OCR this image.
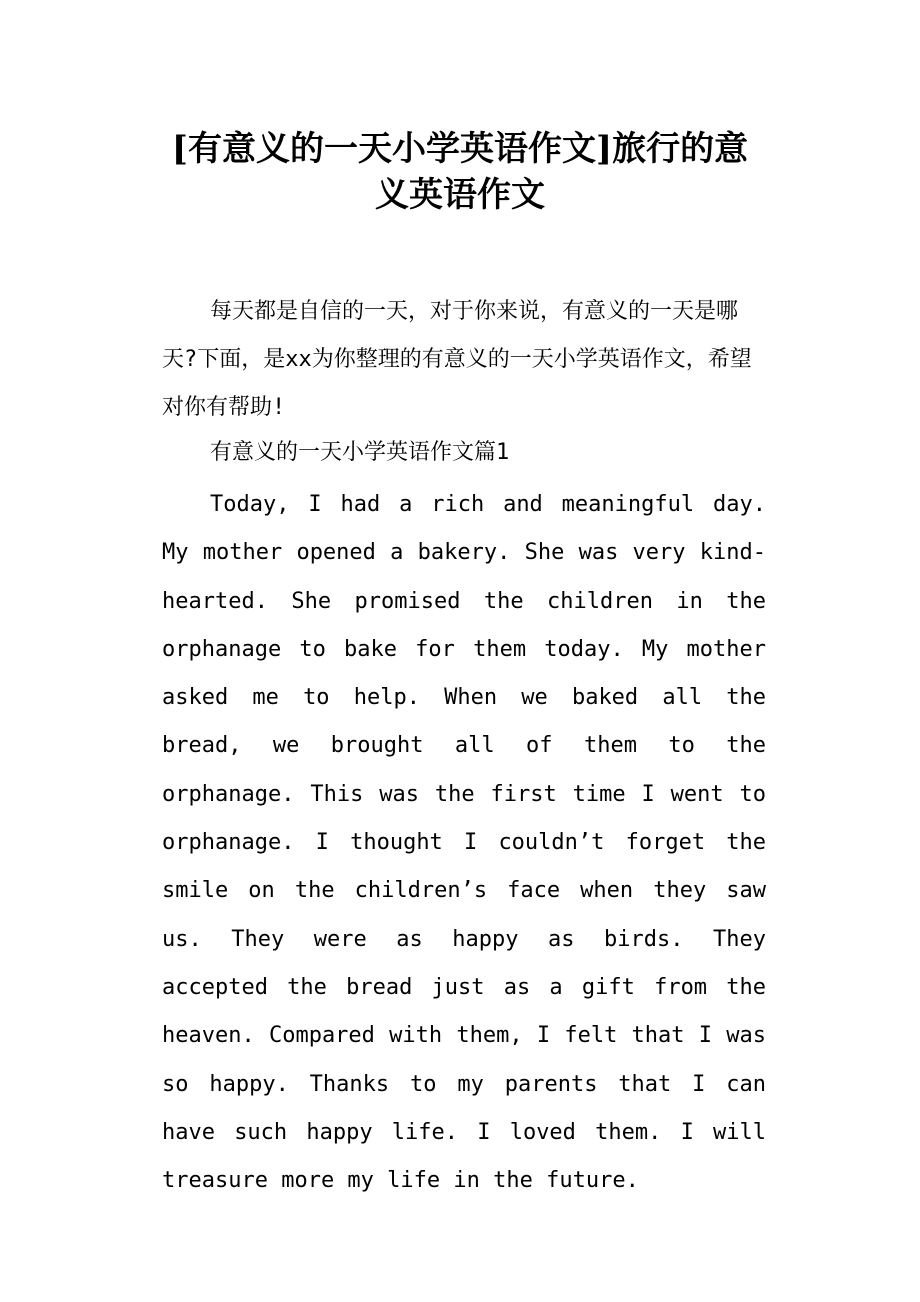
[有意义的一天小学英语作文]旅行的意义英语作文

每天都是自信的一天，对于你来说，有意义的一天是哪天?下面，是xx为你整理的有意义的一天小学英语作文，希望对你有帮助!

有意义的一天小学英语作文篇1

Today, I had a rich and meaningful day. My mother opened a bakery. She was very kind-hearted. She promised the children in the orphanage to bake for them today. My mother asked me to help. When we baked all the bread, we brought all of them to the orphanage. This was the first time I went to orphanage. I thought I couldn’t forget the smile on the children’s face when they saw us. They were as happy as birds. They accepted the bread just as a gift from the heaven. Compared with them, I felt that I was so happy. Thanks to my parents that I can have such happy life. I loved them. I will treasure more my life in the future.
